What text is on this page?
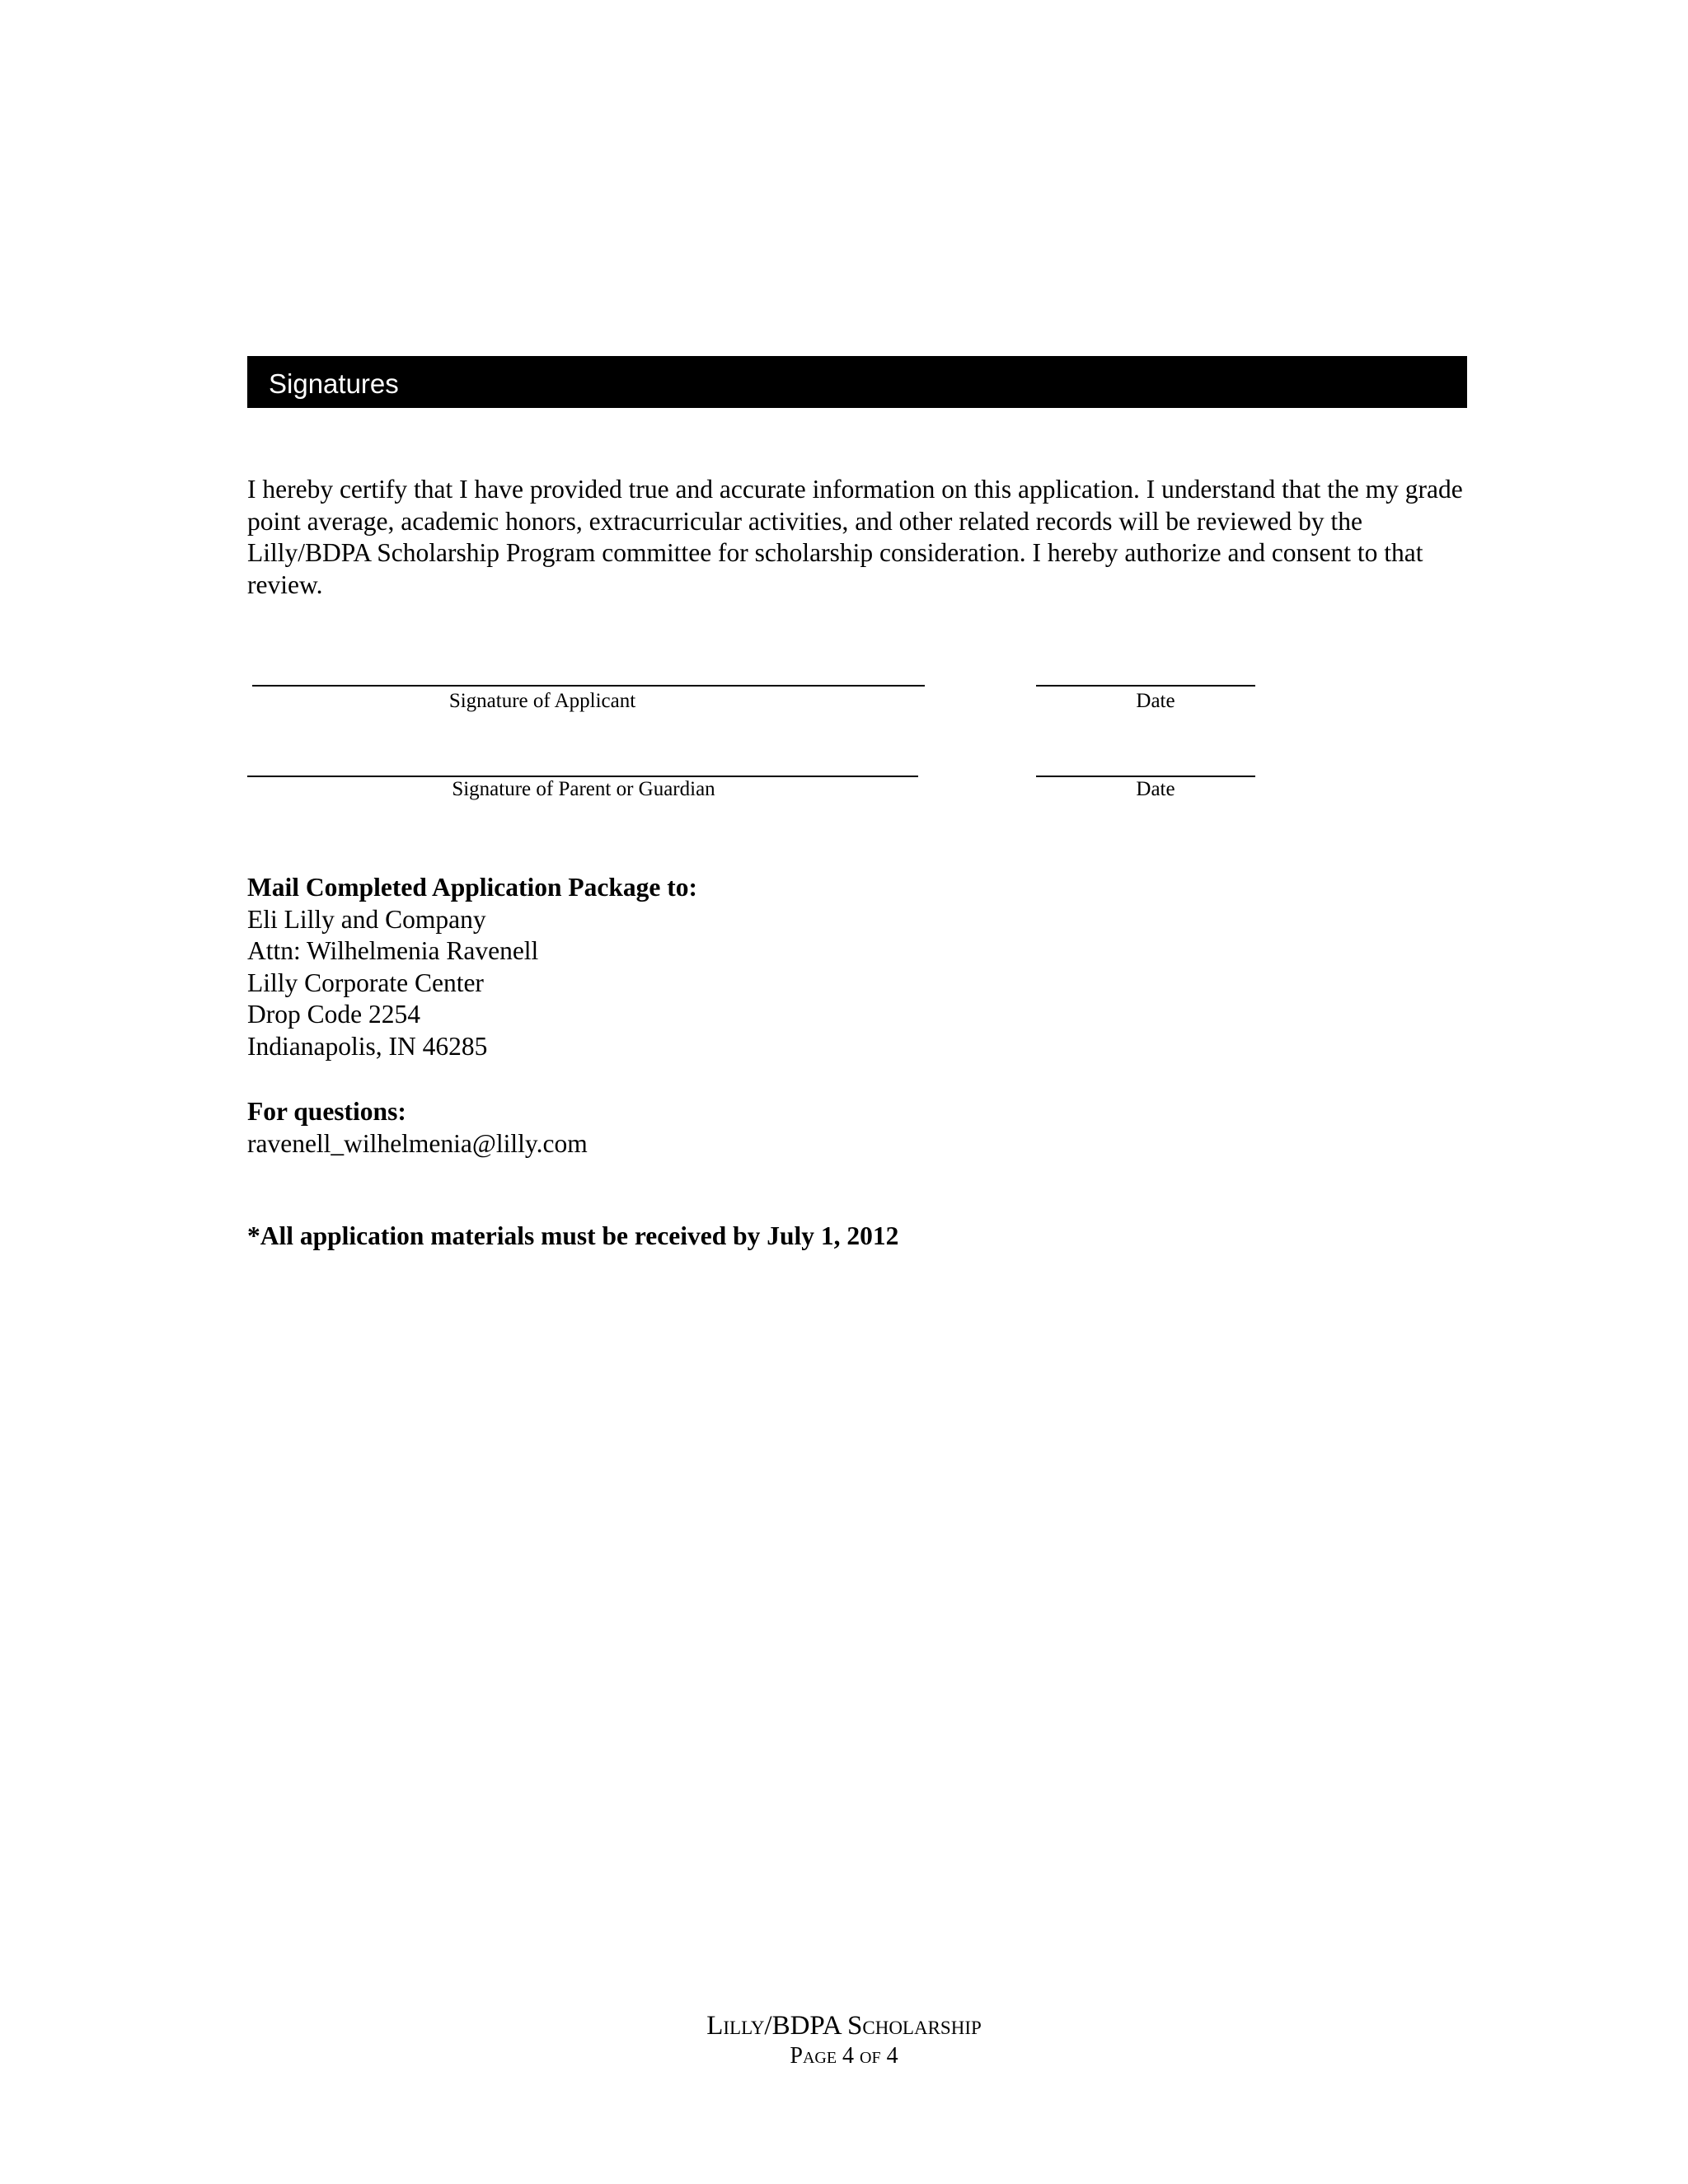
Signatures

I hereby certify that I have provided true and accurate information on this application. I understand that the my grade point average, academic honors, extracurricular activities, and other related records will be reviewed by the Lilly/BDPA Scholarship Program committee for scholarship consideration. I hereby authorize and consent to that review.

Signature of Applicant	Date
Signature of Parent or Guardian	Date
Mail Completed Application Package to:
Eli Lilly and Company
Attn: Wilhelmenia Ravenell
Lilly Corporate Center
Drop Code 2254
Indianapolis, IN 46285
For questions:
ravenell_wilhelmenia@lilly.com
*All application materials must be received by July 1, 2012
Lilly/BDPA Scholarship
Page 4 of 4
